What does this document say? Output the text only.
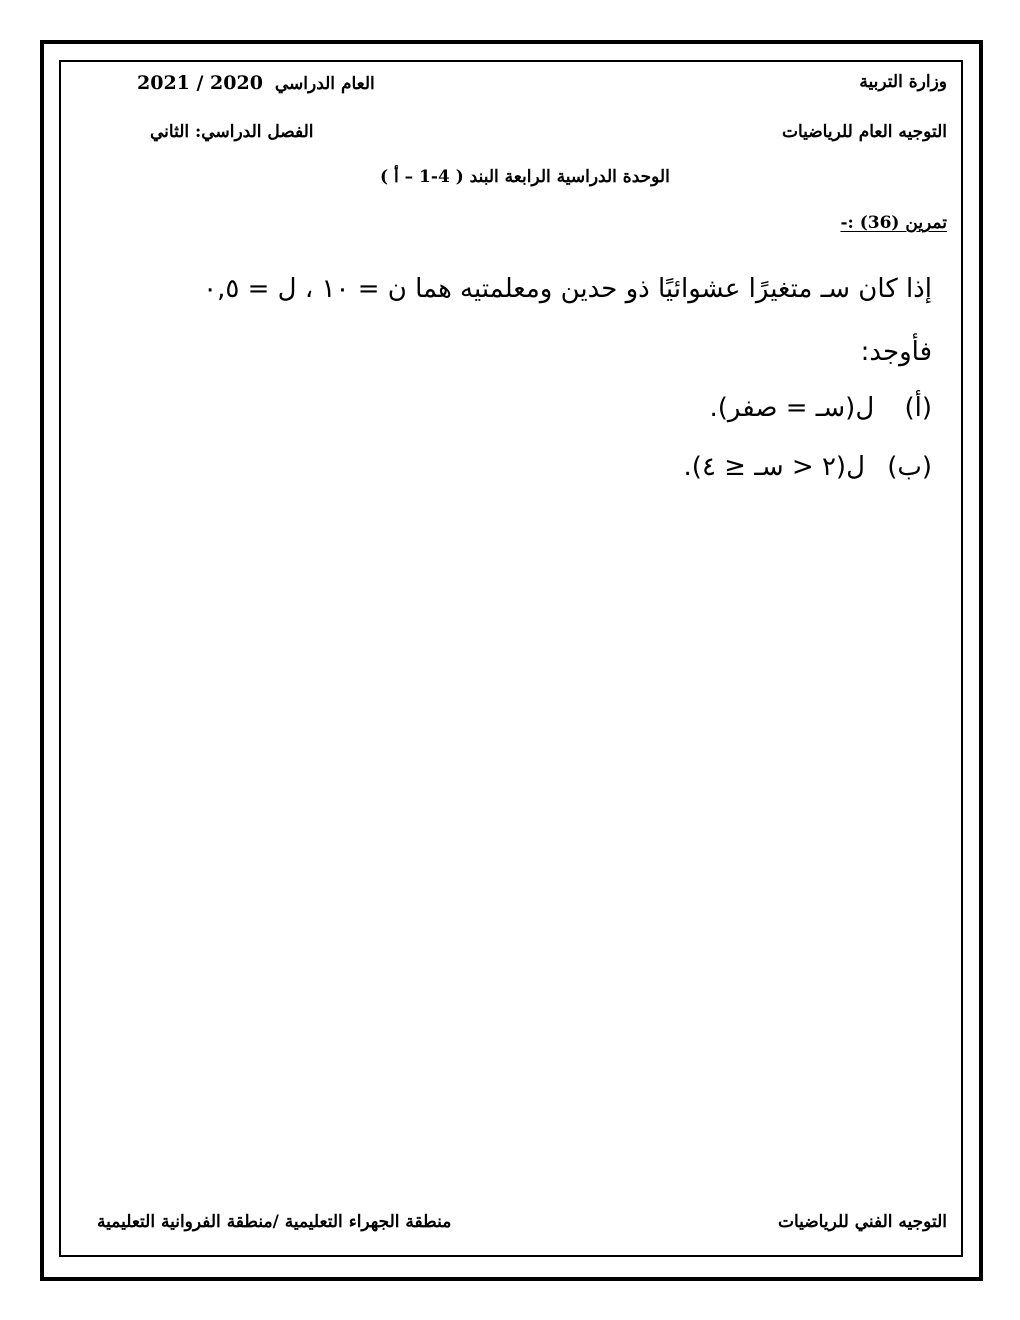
وزارة التربية
العام الدراسي 2021 / 2020
التوجيه العام للرياضيات
الفصل الدراسي: الثاني
الوحدة الدراسية الرابعة البند ( 4-1 – أ )
تمرين (36) :-
إذا كان سـ متغيرًا عشوائيًا ذو حدين ومعلمتيه هما ن = ١٠ ، ل = ٠,٥
فأوجد:
(أ) ل(سـ = صفر).
(ب) ل(٢ < سـ ≤ ٤).
التوجيه الفني للرياضيات
منطقة الجهراء التعليمية /منطقة الفروانية التعليمية
